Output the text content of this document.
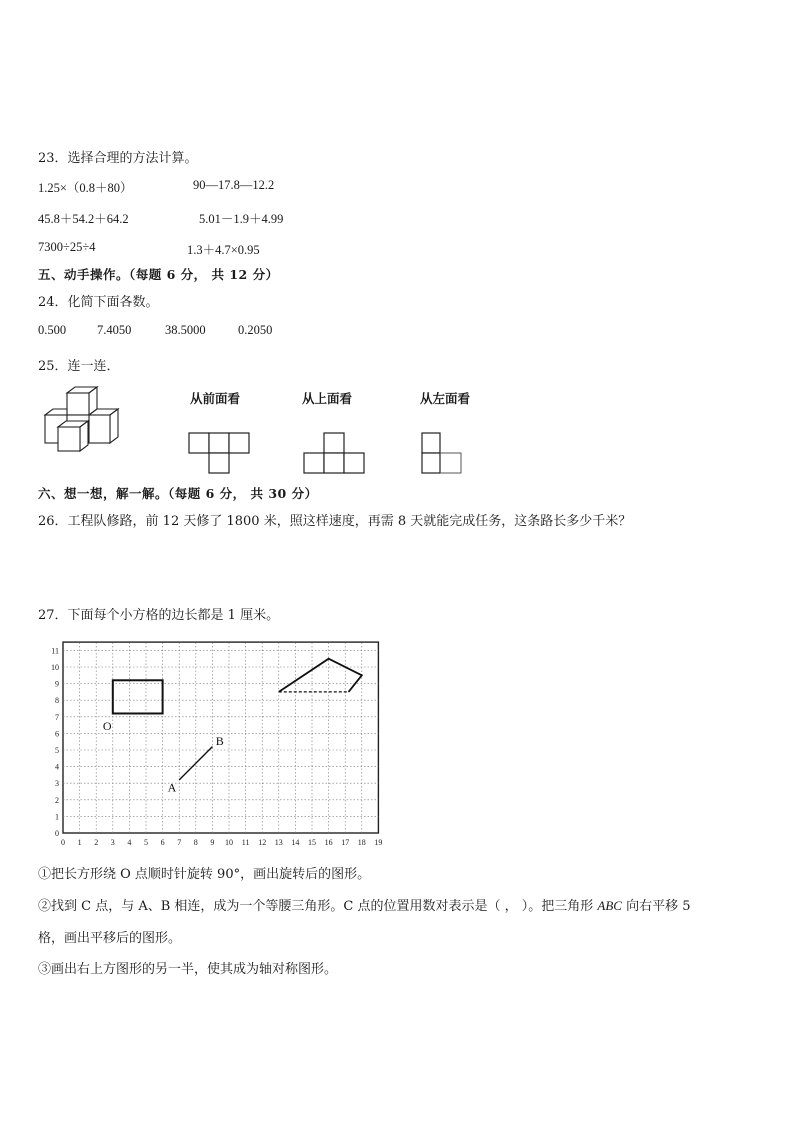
23．选择合理的方法计算。
1.25×（0.8＋80）	90—17.8—12.2
45.8＋54.2＋64.2	5.01－1.9＋4.99
7300÷25÷4	1.3＋4.7×0.95
五、动手操作。（每题 6 分， 共 12 分）
24．化简下面各数。
0.500 7.4050	38.5000	0.2050
25．连一连．
从前面看	从上面看	从左面看
六、想一想，解一解。（每题 6 分， 共 30 分）
26．工程队修路，前 12 天修了 1800 米，照这样速度，再需 8 天就能完成任务，这条路长多少千米？
27．下面每个小方格的边长都是 1 厘米。
0 1 2 3 4 5 6 7 8 9 10 11 12 13 14 15 16 17 18 19
0
1
2
3
4
5
6
7
8
9
10
11
O
A
B
①把长方形绕 O 点顺时针旋转 90°，画出旋转后的图形。
②找到 C 点，与 A、B 相连，成为一个等腰三角形。C 点的位置用数对表示是（ ， ）。把三角形 ABC 向右平移 5
格，画出平移后的图形。
③画出右上方图形的另一半，使其成为轴对称图形。
